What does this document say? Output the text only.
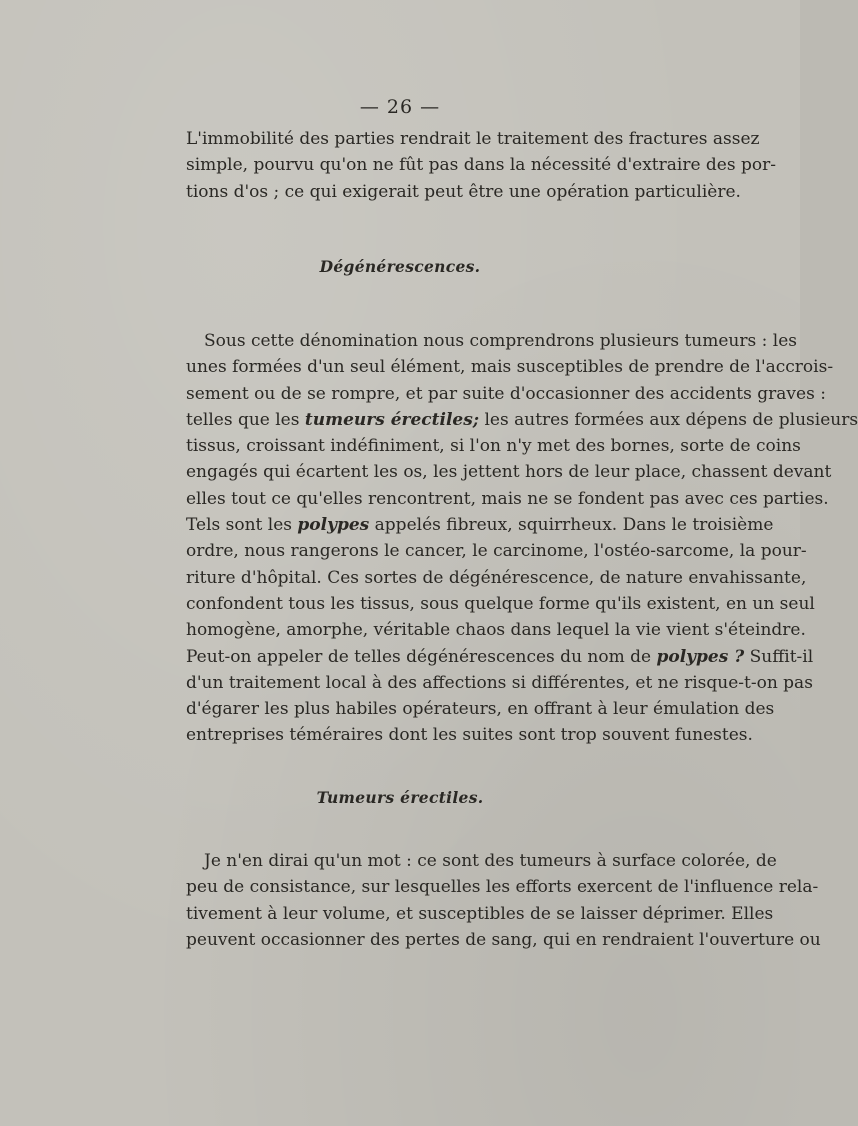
— 26 —
L'immobilité des parties rendrait le traitement des fractures assez
simple, pourvu qu'on ne fût pas dans la nécessité d'extraire des por-
tions d'os ; ce qui exigerait peut être une opération particulière.
Dégénérescences.
Sous cette dénomination nous comprendrons plusieurs tumeurs : les
unes formées d'un seul élément, mais susceptibles de prendre de l'accrois-
sement ou de se rompre, et par suite d'occasionner des accidents graves :
telles que les tumeurs érectiles; les autres formées aux dépens de plusieurs
tissus, croissant indéfiniment, si l'on n'y met des bornes, sorte de coins
engagés qui écartent les os, les jettent hors de leur place, chassent devant
elles tout ce qu'elles rencontrent, mais ne se fondent pas avec ces parties.
Tels sont les polypes appelés fibreux, squirrheux. Dans le troisième
ordre, nous rangerons le cancer, le carcinome, l'ostéo-sarcome, la pour-
riture d'hôpital. Ces sortes de dégénérescence, de nature envahissante,
confondent tous les tissus, sous quelque forme qu'ils existent, en un seul
homogène, amorphe, véritable chaos dans lequel la vie vient s'éteindre.
Peut-on appeler de telles dégénérescences du nom de polypes ? Suffit-il
d'un traitement local à des affections si différentes, et ne risque-t-on pas
d'égarer les plus habiles opérateurs, en offrant à leur émulation des
entreprises téméraires dont les suites sont trop souvent funestes.
Tumeurs érectiles.
Je n'en dirai qu'un mot : ce sont des tumeurs à surface colorée, de
peu de consistance, sur lesquelles les efforts exercent de l'influence rela-
tivement à leur volume, et susceptibles de se laisser déprimer. Elles
peuvent occasionner des pertes de sang, qui en rendraient l'ouverture ou
